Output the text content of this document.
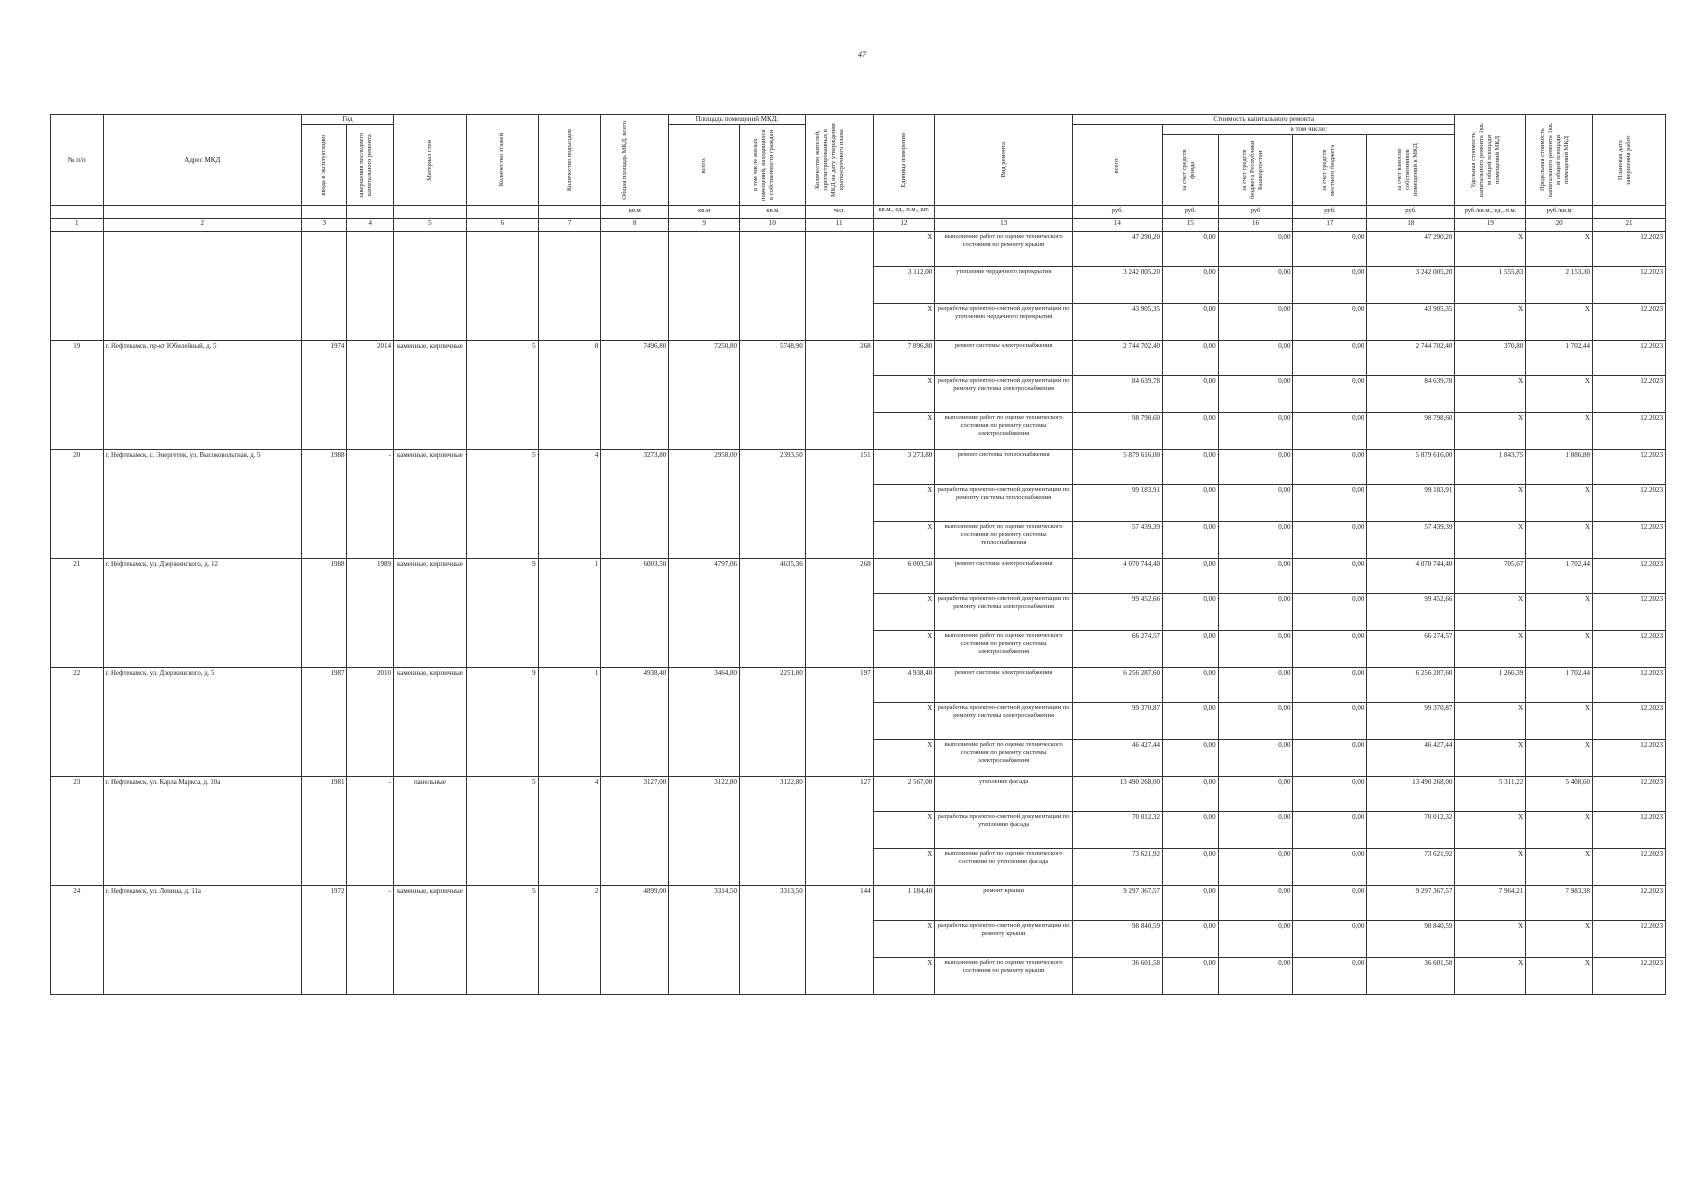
47
№ п/п	Адрес МКД	Год		Материал стен	Количество этажей	Количество подъездов	Общая площадь МКД, всего	Площадь помещений МКД:		Количество жителей, зарегистрированных в МКД на дату утверждения краткосрочного плана	Единица измерения	Вид ремонта	Стоимость капитального ремонта					Удельная стоимость капитального ремонта 1кв. м общей площади помещений МКД	Предельная стоимость капитального ремонта 1кв. м общей площади помещений МКД	Плановая дата завершения работ

		ввода в эксплуатацию	завершения последнего капитального ремонта					всего:	в том числе жилых помещений, находящихся в собственности граждан				всего:	в том числе:						

														за счет средств фонда	за счет средств бюджета Республики Башкортостан	за счет средств местного бюджета	за счет взносов собственников помещений в МКД			

							кв.м	кв.м	кв.м	чел.	кв.м., ед., п.м., шт.		руб.	руб.	руб	руб.	руб.	руб./кв.м., ед., п.м.	руб./кв.м	
1	2	3	4	5	6	7	8	9	10	11	12	13	14	15	16	17	18	19	20	21
											X	выполнение работ по оценке технического состояния по ремонту крыши	47 290,20	0,00	0,00	0,00	47 290,20	X	X	12.2023
											3 112,00	утепление чердачного перекрытия	3 242 005,20	0,00	0,00	0,00	3 242 005,20	1 555,83	2 153,30	12.2023
											X	разработка проектно-сметной документации по утеплению чердачного перекрытия	43 905,35	0,00	0,00	0,00	43 905,35	X	X	12.2023
19	г. Нефтекамск, пр-кт Юбилейный, д. 5	1974	2014	каменные, кирпичные	5	8	7496,80	7250,80	5748,90	268	7 896,80	ремонт системы электроснабжения	2 744 702,40	0,00	0,00	0,00	2 744 702,40	370,80	1 702,44	12.2023
											X	разработка проектно-сметной документации по ремонту системы электроснабжения	84 639,78	0,00	0,00	0,00	84 639,78	X	X	12.2023
											X	выполнение работ по оценке технического состояния по ремонту системы электроснабжения	98 798,60	0,00	0,00	0,00	98 798,60	X	X	12.2023
20	г. Нефтекамск, с. Энергетик, ул. Высоковольтная, д. 5	1988	-	каменные, кирпичные	5	4	3273,80	2958,00	2393,50	151	3 273,80	ремонт системы теплоснабжения	5 879 616,00	0,00	0,00	0,00	5 879 616,00	1 843,75	1 886,88	12.2023
											X	разработка проектно-сметной документации по ремонту системы теплоснабжения	99 183,91	0,00	0,00	0,00	99 183,91	X	X	12.2023
											X	выполнение работ по оценке технического состояния по ремонту системы теплоснабжения	57 439,39	0,00	0,00	0,00	57 439,39	X	X	12.2023
21	г. Нефтекамск, ул. Дзержинского, д. 12	1988	1989	каменные, кирпичные	9	1	6003,50	4797,06	4635,36	268	6 003,50	ремонт системы электроснабжения	4 070 744,40	0,00	0,00	0,00	4 070 744,40	705,67	1 702,44	12.2023
											X	разработка проектно-сметной документации по ремонту системы электроснабжения	99 452,66	0,00	0,00	0,00	99 452,66	X	X	12.2023
											X	выполнение работ по оценке технического состояния по ремонту системы электроснабжения	66 274,57	0,00	0,00	0,00	66 274,57	X	X	12.2023
22	г. Нефтекамск, ул. Дзержинского, д. 5	1987	2010	каменные, кирпичные	9	1	4938,40	3464,80	2251,00	197	4 938,40	ремонт системы электроснабжения	6 256 287,60	0,00	0,00	0,00	6 256 287,60	1 266,39	1 702,44	12.2023
											X	разработка проектно-сметной документации по ремонту системы электроснабжения	99 370,87	0,00	0,00	0,00	99 370,87	X	X	12.2023
											X	выполнение работ по оценке технического состояния по ремонту системы электроснабжения	46 427,44	0,00	0,00	0,00	46 427,44	X	X	12.2023
23	г. Нефтекамск, ул. Карла Маркса, д. 10а	1981	-	панельные	5	4	3127,00	3122,80	3122,80	127	2 567,00	утепление фасада	13 490 268,00	0,00	0,00	0,00	13 490 268,00	5 311,22	5 408,60	12.2023
											X	разработка проектно-сметной документации по утеплению фасада	70 012,32	0,00	0,00	0,00	70 012,32	X	X	12.2023
											X	выполнение работ по оценке технического состояния по утеплению фасада	73 621,92	0,00	0,00	0,00	73 621,92	X	X	12.2023
24	г. Нефтекамск, ул. Ленина, д. 11а	1972	-	каменные, кирпичные	5	2	4899,00	3314,50	3313,50	144	1 184,40	ремонт крыши	9 297 367,57	0,00	0,00	0,00	9 297 367,57	7 964,21	7 983,38	12.2023
											X	разработка проектно-сметной документации по ремонту крыши	98 840,59	0,00	0,00	0,00	98 840,59	X	X	12.2023
											X	выполнение работ по оценке технического состояния по ремонту крыши	36 601,58	0,00	0,00	0,00	36 601,58	X	X	12.2023
